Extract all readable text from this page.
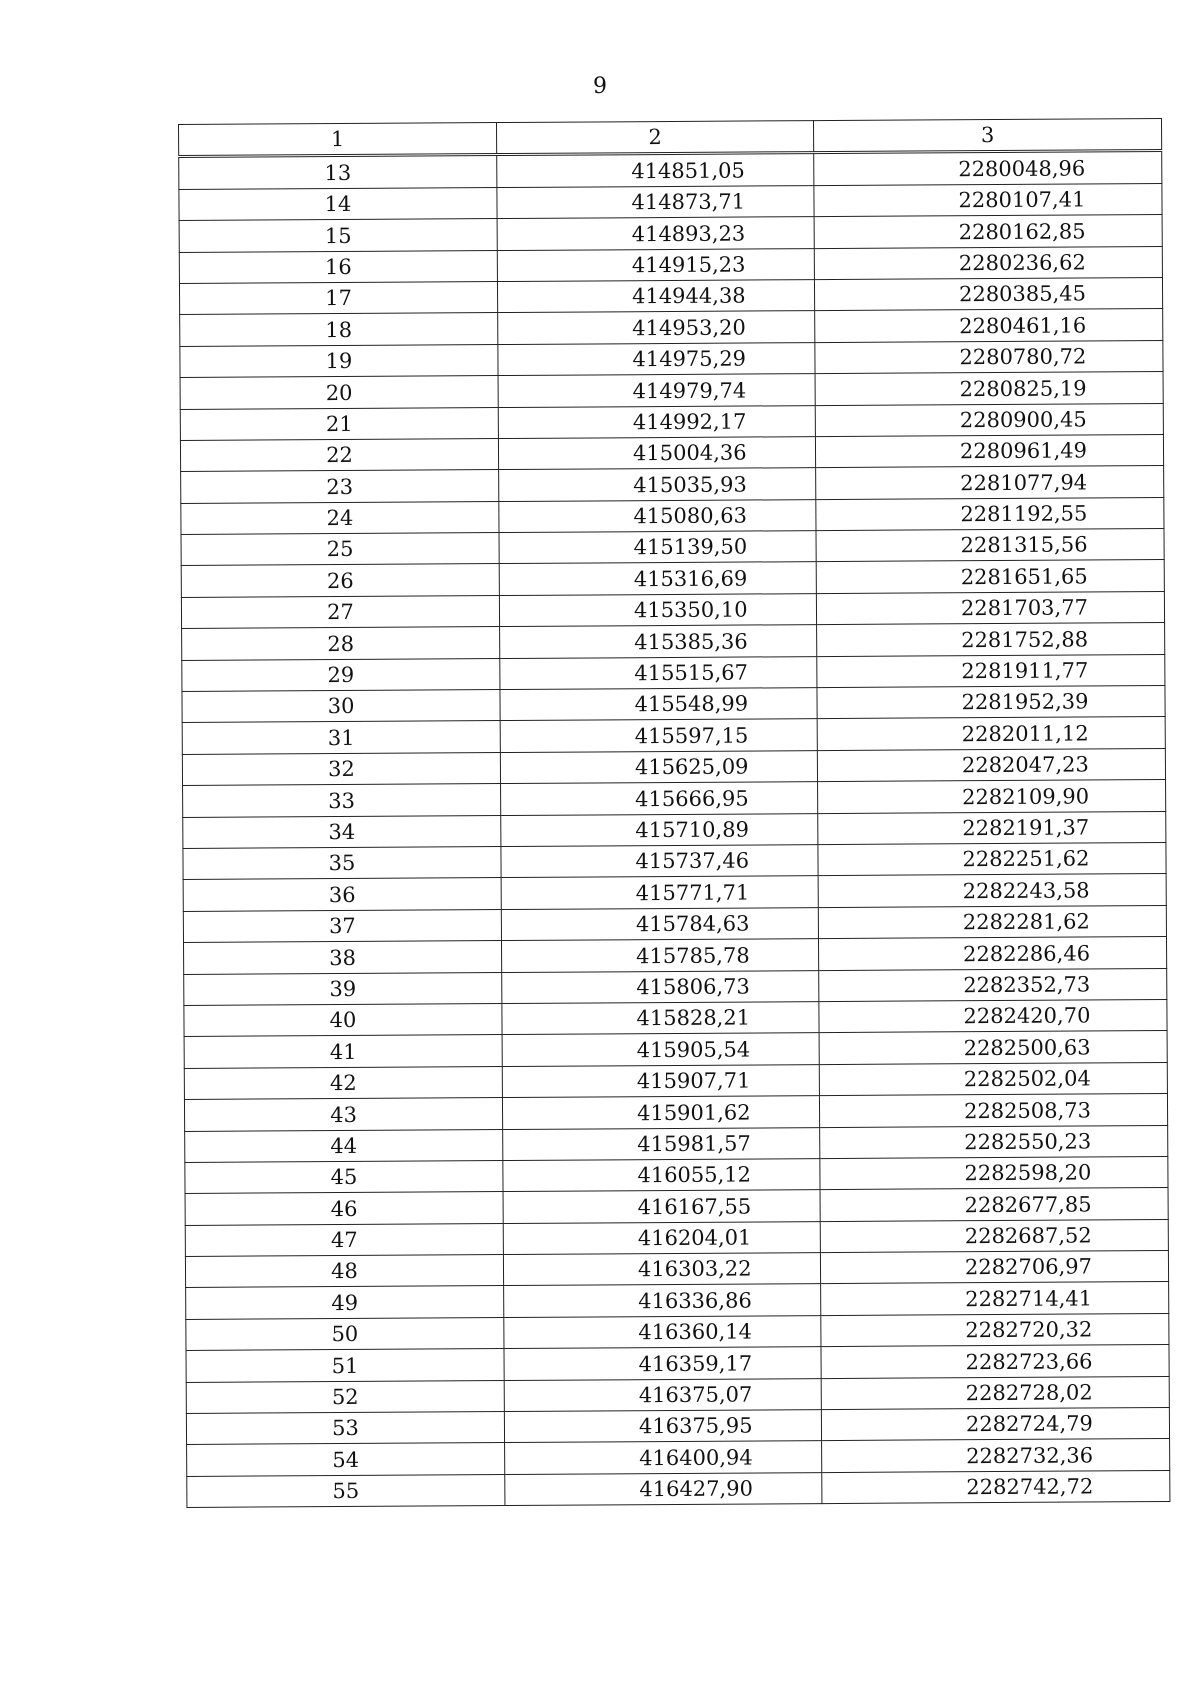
9
1	2	3
13	414851,05	2280048,96
14	414873,71	2280107,41
15	414893,23	2280162,85
16	414915,23	2280236,62
17	414944,38	2280385,45
18	414953,20	2280461,16
19	414975,29	2280780,72
20	414979,74	2280825,19
21	414992,17	2280900,45
22	415004,36	2280961,49
23	415035,93	2281077,94
24	415080,63	2281192,55
25	415139,50	2281315,56
26	415316,69	2281651,65
27	415350,10	2281703,77
28	415385,36	2281752,88
29	415515,67	2281911,77
30	415548,99	2281952,39
31	415597,15	2282011,12
32	415625,09	2282047,23
33	415666,95	2282109,90
34	415710,89	2282191,37
35	415737,46	2282251,62
36	415771,71	2282243,58
37	415784,63	2282281,62
38	415785,78	2282286,46
39	415806,73	2282352,73
40	415828,21	2282420,70
41	415905,54	2282500,63
42	415907,71	2282502,04
43	415901,62	2282508,73
44	415981,57	2282550,23
45	416055,12	2282598,20
46	416167,55	2282677,85
47	416204,01	2282687,52
48	416303,22	2282706,97
49	416336,86	2282714,41
50	416360,14	2282720,32
51	416359,17	2282723,66
52	416375,07	2282728,02
53	416375,95	2282724,79
54	416400,94	2282732,36
55	416427,90	2282742,72
